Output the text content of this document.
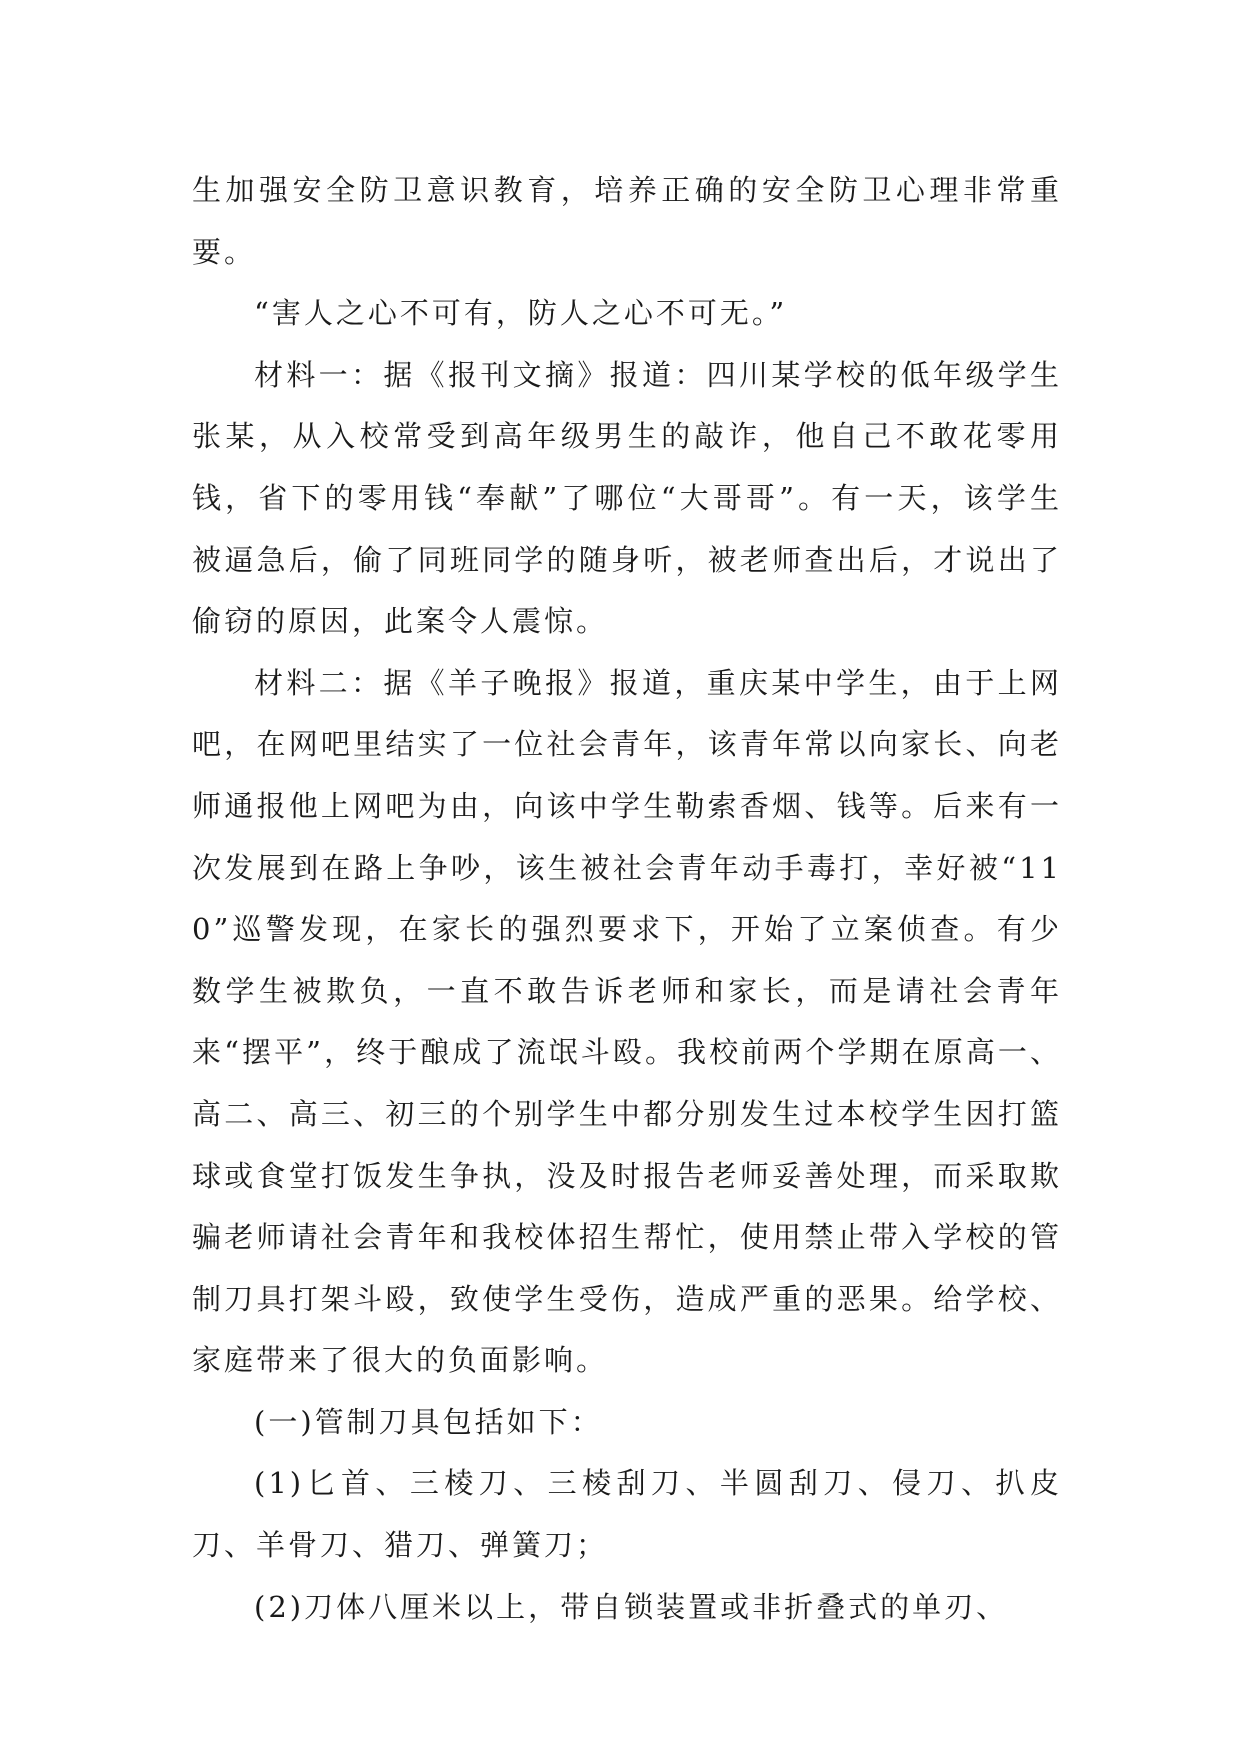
生加强安全防卫意识教育，培养正确的安全防卫心理非常重要。

“害人之心不可有，防人之心不可无。”

材料一：据《报刊文摘》报道：四川某学校的低年级学生张某，从入校常受到高年级男生的敲诈，他自己不敢花零用钱，省下的零用钱“奉献”了哪位“大哥哥”。有一天，该学生被逼急后，偷了同班同学的随身听，被老师查出后，才说出了偷窃的原因，此案令人震惊。

材料二：据《羊子晚报》报道，重庆某中学生，由于上网吧，在网吧里结实了一位社会青年，该青年常以向家长、向老师通报他上网吧为由，向该中学生勒索香烟、钱等。后来有一次发展到在路上争吵，该生被社会青年动手毒打，幸好被“110”巡警发现，在家长的强烈要求下，开始了立案侦查。有少数学生被欺负，一直不敢告诉老师和家长，而是请社会青年来“摆平”，终于酿成了流氓斗殴。我校前两个学期在原高一、高二、高三、初三的个别学生中都分别发生过本校学生因打篮球或食堂打饭发生争执，没及时报告老师妥善处理，而采取欺骗老师请社会青年和我校体招生帮忙，使用禁止带入学校的管制刀具打架斗殴，致使学生受伤，造成严重的恶果。给学校、家庭带来了很大的负面影响。

(一)管制刀具包括如下：

(1)匕首、三棱刀、三棱刮刀、半圆刮刀、侵刀、扒皮刀、羊骨刀、猎刀、弹簧刀；

(2)刀体八厘米以上，带自锁装置或非折叠式的单刃、
